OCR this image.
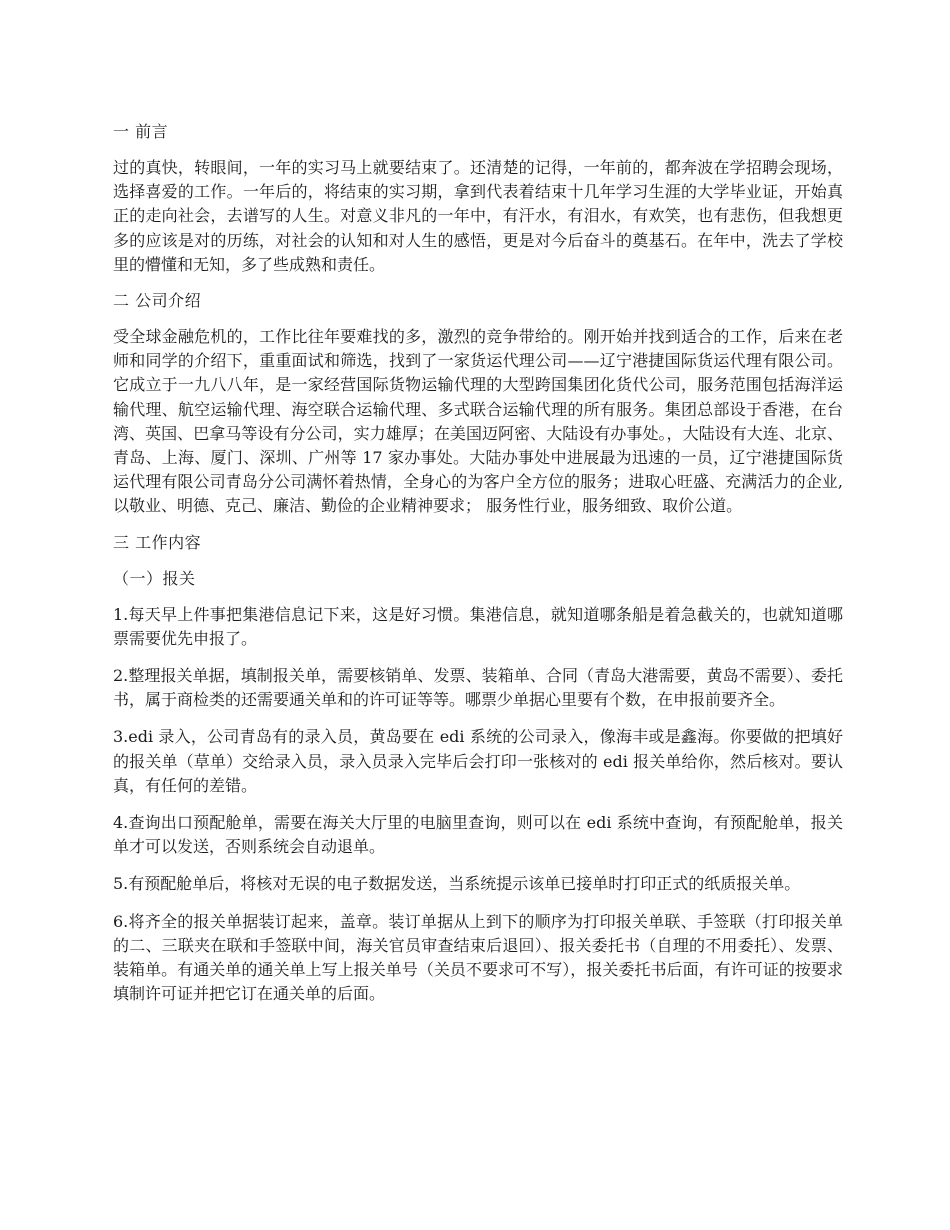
一 前言

过的真快，转眼间，一年的实习马上就要结束了。还清楚的记得，一年前的，都奔波在学招聘会现场，选择喜爱的工作。一年后的，将结束的实习期，拿到代表着结束十几年学习生涯的大学毕业证，开始真正的走向社会，去谱写的人生。对意义非凡的一年中，有汗水，有泪水，有欢笑，也有悲伤，但我想更多的应该是对的历练，对社会的认知和对人生的感悟，更是对今后奋斗的奠基石。在年中，洗去了学校里的懵懂和无知，多了些成熟和责任。

二 公司介绍

受全球金融危机的，工作比往年要难找的多，激烈的竞争带给的。刚开始并找到适合的工作，后来在老师和同学的介绍下，重重面试和筛选，找到了一家货运代理公司——辽宁港捷国际货运代理有限公司。它成立于一九八八年，是一家经营国际货物运输代理的大型跨国集团化货代公司，服务范围包括海洋运输代理、航空运输代理、海空联合运输代理、多式联合运输代理的所有服务。集团总部设于香港，在台湾、英国、巴拿马等设有分公司，实力雄厚；在美国迈阿密、大陆设有办事处。，大陆设有大连、北京、青岛、上海、厦门、深圳、广州等 17 家办事处。大陆办事处中进展最为迅速的一员，辽宁港捷国际货运代理有限公司青岛分公司满怀着热情，全身心的为客户全方位的服务；进取心旺盛、充满活力的企业,以敬业、明德、克己、廉洁、勤俭的企业精神要求； 服务性行业，服务细致、取价公道。

三 工作内容
（一）报关

1.每天早上件事把集港信息记下来，这是好习惯。集港信息，就知道哪条船是着急截关的，也就知道哪票需要优先申报了。

2.整理报关单据，填制报关单，需要核销单、发票、装箱单、合同（青岛大港需要，黄岛不需要）、委托书，属于商检类的还需要通关单和的许可证等等。哪票少单据心里要有个数，在申报前要齐全。

3.edi 录入，公司青岛有的录入员，黄岛要在 edi 系统的公司录入，像海丰或是鑫海。你要做的把填好的报关单（草单）交给录入员，录入员录入完毕后会打印一张核对的 edi 报关单给你，然后核对。要认真，有任何的差错。

4.查询出口预配舱单，需要在海关大厅里的电脑里查询，则可以在 edi 系统中查询，有预配舱单，报关单才可以发送，否则系统会自动退单。

5.有预配舱单后，将核对无误的电子数据发送，当系统提示该单已接单时打印正式的纸质报关单。

6.将齐全的报关单据装订起来，盖章。装订单据从上到下的顺序为打印报关单联、手签联（打印报关单的二、三联夹在联和手签联中间，海关官员审查结束后退回）、报关委托书（自理的不用委托）、发票、装箱单。有通关单的通关单上写上报关单号（关员不要求可不写），报关委托书后面，有许可证的按要求填制许可证并把它订在通关单的后面。
